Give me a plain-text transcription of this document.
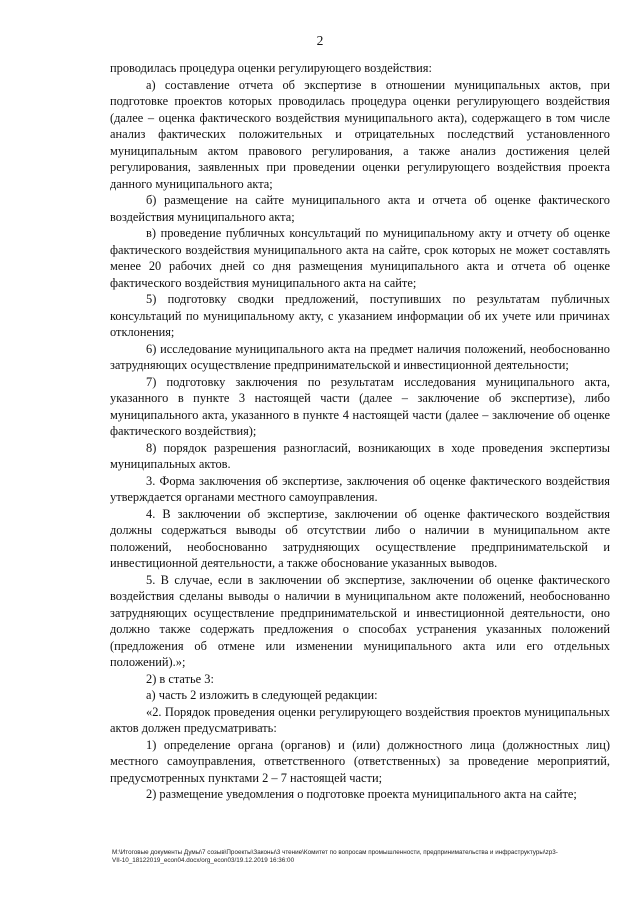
2

проводилась процедура оценки регулирующего воздействия:

а) составление отчета об экспертизе в отношении муниципальных актов, при подготовке проектов которых проводилась процедура оценки регулирующего воздействия (далее – оценка фактического воздействия муниципального акта), содержащего в том числе анализ фактических положительных и отрицательных последствий установленного муниципальным актом правового регулирования, а также анализ достижения целей регулирования, заявленных при проведении оценки регулирующего воздействия проекта данного муниципального акта;

б) размещение на сайте муниципального акта и отчета об оценке фактического воздействия муниципального акта;

в) проведение публичных консультаций по муниципальному акту и отчету об оценке фактического воздействия муниципального акта на сайте, срок которых не может составлять менее 20 рабочих дней со дня размещения муниципального акта и отчета об оценке фактического воздействия муниципального акта на сайте;

5) подготовку сводки предложений, поступивших по результатам публичных консультаций по муниципальному акту, с указанием информации об их учете или причинах отклонения;

6) исследование муниципального акта на предмет наличия положений, необоснованно затрудняющих осуществление предпринимательской и инвестиционной деятельности;

7) подготовку заключения по результатам исследования муниципального акта, указанного в пункте 3 настоящей части (далее – заключение об экспертизе), либо муниципального акта, указанного в пункте 4 настоящей части (далее – заключение об оценке фактического воздействия);

8) порядок разрешения разногласий, возникающих в ходе проведения экспертизы муниципальных актов.

3. Форма заключения об экспертизе, заключения об оценке фактического воздействия утверждается органами местного самоуправления.

4. В заключении об экспертизе, заключении об оценке фактического воздействия должны содержаться выводы об отсутствии либо о наличии в муниципальном акте положений, необоснованно затрудняющих осуществление предпринимательской и инвестиционной деятельности, а также обоснование указанных выводов.

5. В случае, если в заключении об экспертизе, заключении об оценке фактического воздействия сделаны выводы о наличии в муниципальном акте положений, необоснованно затрудняющих осуществление предпринимательской и инвестиционной деятельности, оно должно также содержать предложения о способах устранения указанных положений (предложения об отмене или изменении муниципального акта или его отдельных положений).»;

2) в статье 3:

а) часть 2 изложить в следующей редакции:

«2. Порядок проведения оценки регулирующего воздействия проектов муниципальных актов должен предусматривать:

1) определение органа (органов) и (или) должностного лица (должностных лиц) местного самоуправления, ответственного (ответственных) за проведение мероприятий, предусмотренных пунктами 2 – 7 настоящей части;

2) размещение уведомления о подготовке проекта муниципального акта на сайте;

М:\Итоговые документы Думы\7 созыв\Проекты\Законы\3 чтение\Комитет по вопросам промышленности, предпринимательства и инфраструктуры\zp3-
VII-10_18122019_econ04.docx/org_econ03/19.12.2019 16:36:00
